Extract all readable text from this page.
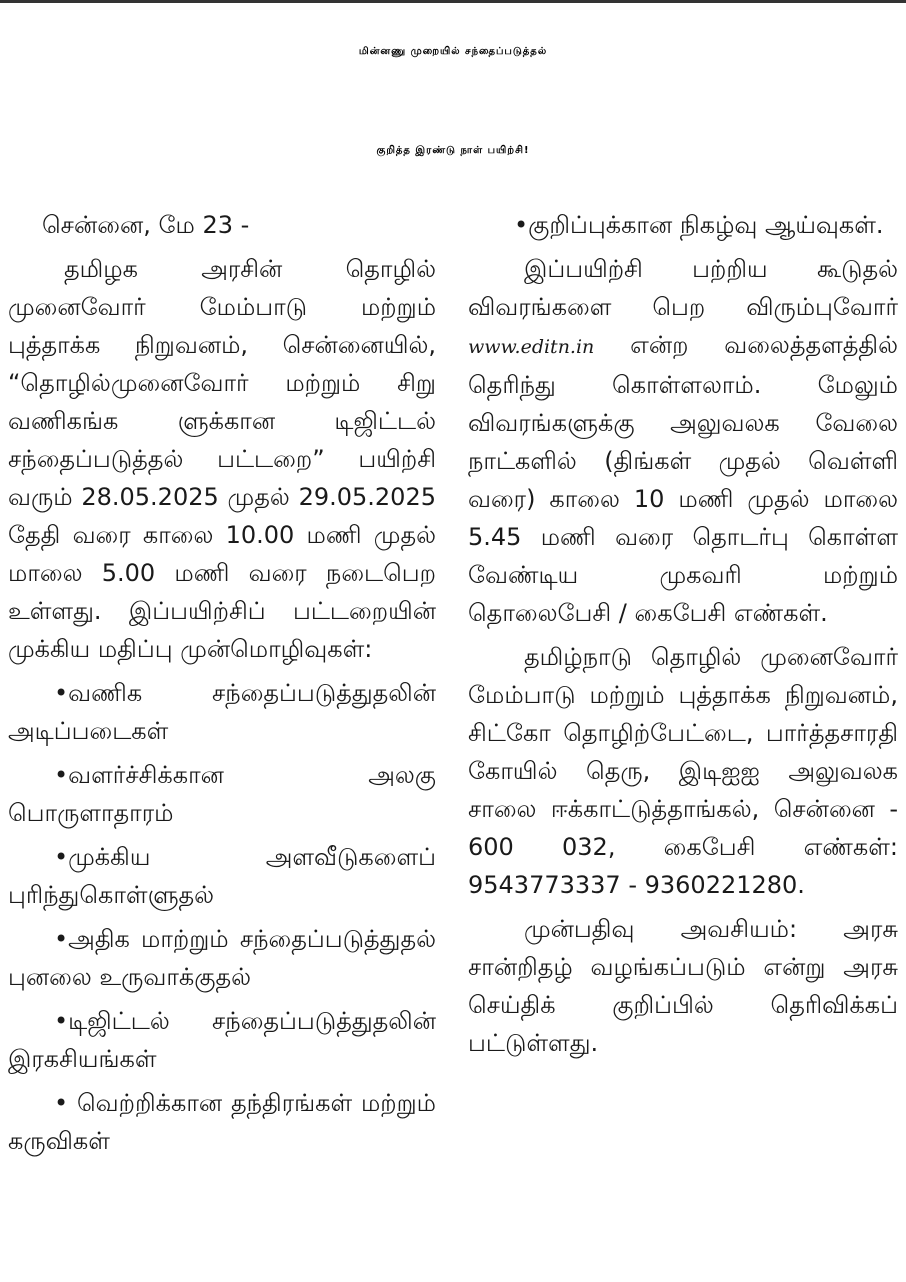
மின்னணு முறையில் சந்தைப்படுத்தல்
குறித்த இரண்டு நாள் பயிற்சி!

சென்னை, மே 23 -

தமிழக அரசின் தொழில் முனைவோர் மேம்பாடு மற்றும் புத்தாக்க நிறுவனம், சென்னையில், “தொழில்முனைவோர் மற்றும் சிறு வணிகங்க ளுக்கான டிஜிட்டல் சந்தைப்படுத்தல் பட்டறை” பயிற்சி வரும் 28.05.2025 முதல் 29.05.2025 தேதி வரை காலை 10.00 மணி முதல் மாலை 5.00 மணி வரை நடைபெற உள்ளது. இப்பயிற்சிப் பட்டறையின் முக்கிய மதிப்பு முன்மொழிவுகள்:

•வணிக சந்தைப்படுத்துதலின் அடிப்படைகள்

•வளர்ச்சிக்கான அலகு பொருளாதாரம்

•முக்கிய அளவீடுகளைப் புரிந்துகொள்ளுதல்

•அதிக மாற்றும் சந்தைப்படுத்துதல் புனலை உருவாக்குதல்

•டிஜிட்டல் சந்தைப்படுத்துதலின் இரகசியங்கள்

• வெற்றிக்கான தந்திரங்கள் மற்றும் கருவிகள்

•குறிப்புக்கான நிகழ்வு ஆய்வுகள்.

இப்பயிற்சி பற்றிய கூடுதல் விவரங்களை பெற விரும்புவோர் www.editn.in என்ற வலைத்தளத்தில் தெரிந்து கொள்ளலாம். மேலும் விவரங்களுக்கு அலுவலக வேலை நாட்களில் (திங்கள் முதல் வெள்ளி வரை) காலை 10 மணி முதல் மாலை 5.45 மணி வரை தொடர்பு கொள்ள வேண்டிய முகவரி மற்றும் தொலைபேசி / கைபேசி எண்கள்.

தமிழ்நாடு தொழில் முனைவோர் மேம்பாடு மற்றும் புத்தாக்க நிறுவனம், சிட்கோ தொழிற்பேட்டை, பார்த்தசாரதி கோயில் தெரு, இடிஐஐ அலுவலக சாலை ஈக்காட்டுத்தாங்கல், சென்னை - 600 032, கைபேசி எண்கள்: 9543773337 - 9360221280.

முன்பதிவு அவசியம்: அரசு சான்றிதழ் வழங்கப்படும் என்று அரசு செய்திக் குறிப்பில் தெரிவிக்கப் பட்டுள்ளது.
